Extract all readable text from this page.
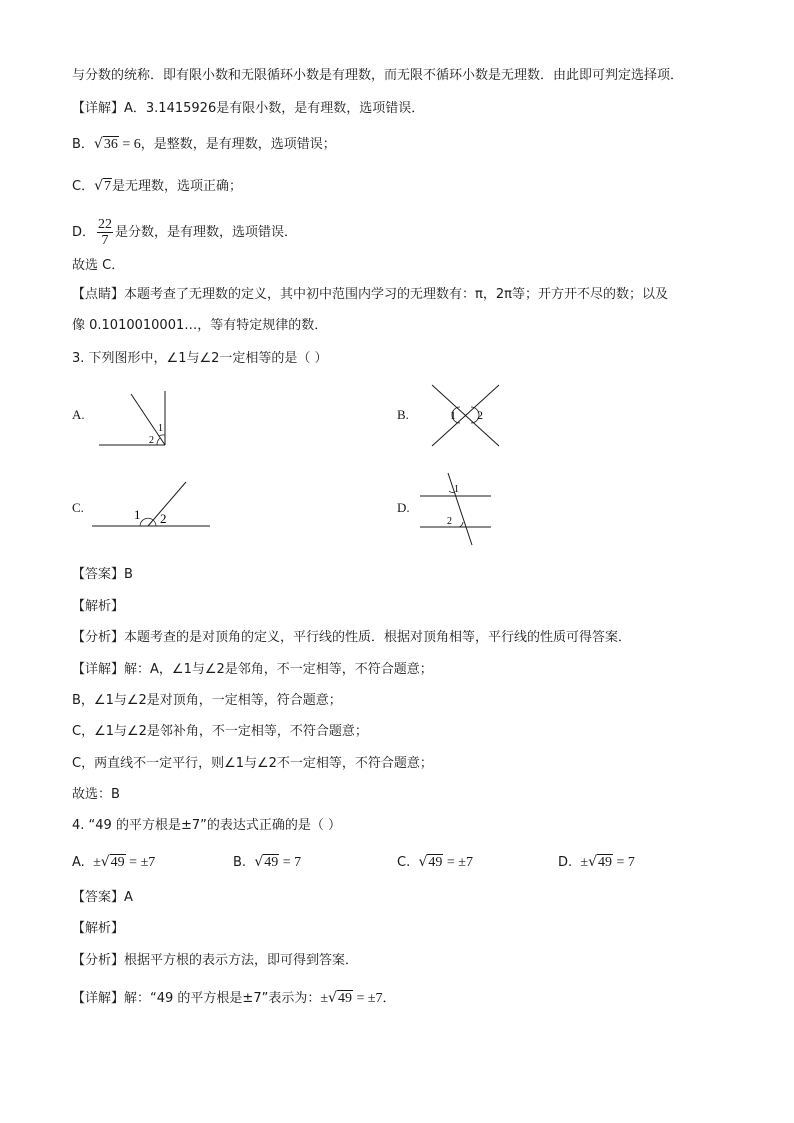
与分数的统称．即有限小数和无限循环小数是有理数，而无限不循环小数是无理数．由此即可判定选择项．
【详解】A．3.1415926是有限小数，是有理数，选项错误．
B．√36 = 6，是整数，是有理数，选项错误；
C．√7是无理数，选项正确；
D． $\frac{22}{7}$ 是分数，是有理数，选项错误．
故选 C．
【点睛】本题考查了无理数的定义，其中初中范围内学习的无理数有：π，2π等；开方开不尽的数；以及
像 0.1010010001…，等有特定规律的数．
3. 下列图形中，∠1与∠2一定相等的是（ ）
A.
1
2
B.	1 2
C.	1 2
D.
1
2
【答案】B
【解析】
【分析】本题考查的是对顶角的定义，平行线的性质．根据对顶角相等，平行线的性质可得答案．
【详解】解：A，∠1与∠2是邻角，不一定相等，不符合题意；
B，∠1与∠2是对顶角，一定相等，符合题意；
C，∠1与∠2是邻补角，不一定相等，不符合题意；
C，两直线不一定平行，则∠1与∠2不一定相等，不符合题意；
故选：B
4. “49 的平方根是±7”的表达式正确的是（ ）
A. ±√49 = ±7	B. √49 = 7	C. √49 = ±7	D. ±√49 = 7
【答案】A
【解析】
【分析】根据平方根的表示方法，即可得到答案．
【详解】解：“49 的平方根是±7”表示为：±√49 = ±7．
